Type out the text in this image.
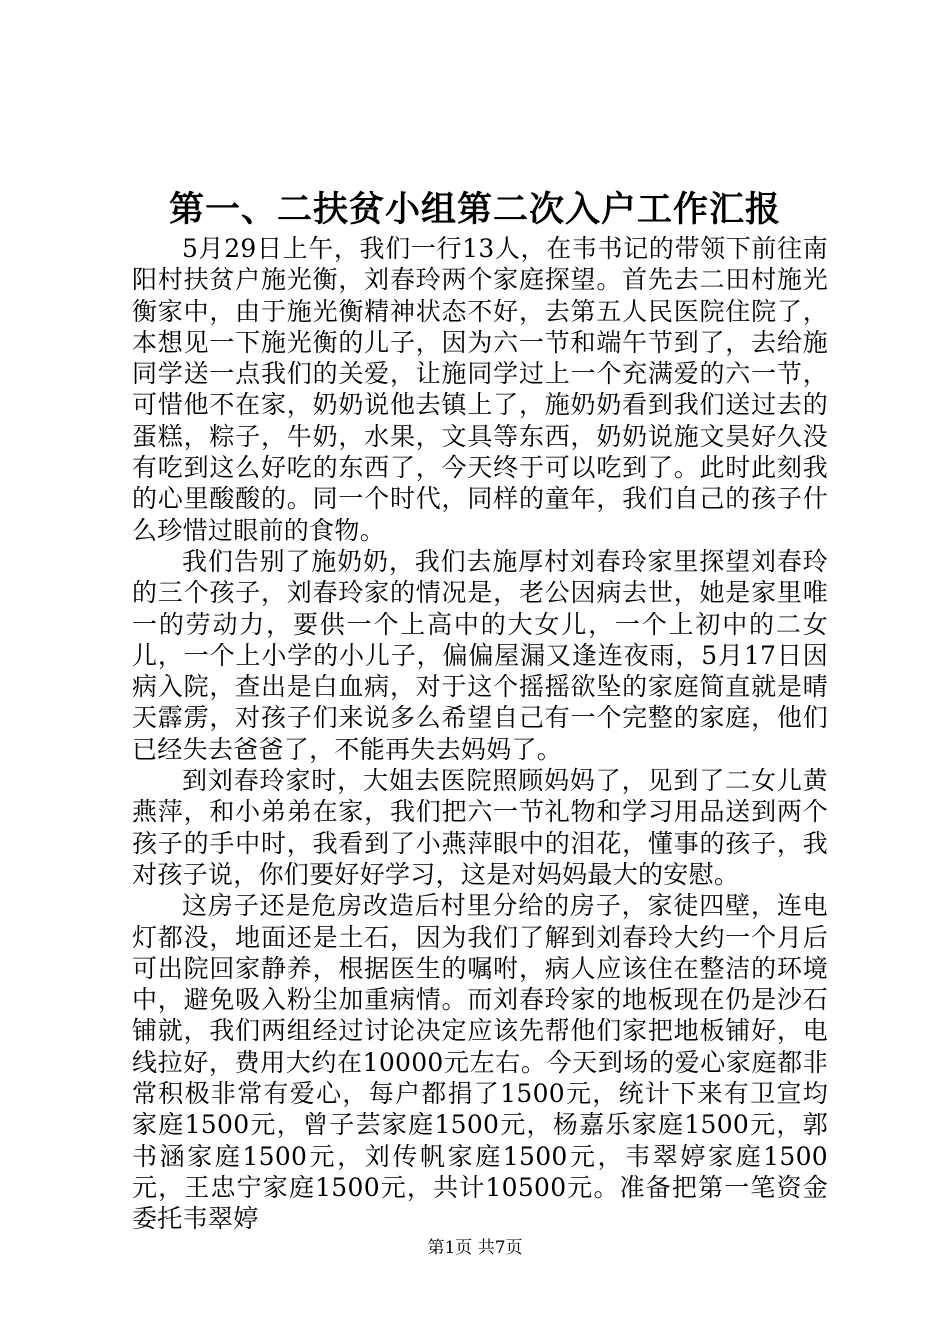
第一、二扶贫小组第二次入户工作汇报

5月29日上午，我们一行13人，在韦书记的带领下前往南阳村扶贫户施光衡，刘春玲两个家庭探望。首先去二田村施光衡家中，由于施光衡精神状态不好，去第五人民医院住院了，本想见一下施光衡的儿子，因为六一节和端午节到了，去给施同学送一点我们的关爱，让施同学过上一个充满爱的六一节，可惜他不在家，奶奶说他去镇上了，施奶奶看到我们送过去的蛋糕，粽子，牛奶，水果，文具等东西，奶奶说施文昊好久没有吃到这么好吃的东西了，今天终于可以吃到了。此时此刻我的心里酸酸的。同一个时代，同样的童年，我们自己的孩子什么珍惜过眼前的食物。

我们告别了施奶奶，我们去施厚村刘春玲家里探望刘春玲的三个孩子，刘春玲家的情况是，老公因病去世，她是家里唯一的劳动力，要供一个上高中的大女儿，一个上初中的二女儿，一个上小学的小儿子，偏偏屋漏又逢连夜雨，5月17日因病入院，查出是白血病，对于这个摇摇欲坠的家庭简直就是晴天霹雳，对孩子们来说多么希望自己有一个完整的家庭，他们已经失去爸爸了，不能再失去妈妈了。

到刘春玲家时，大姐去医院照顾妈妈了，见到了二女儿黄燕萍，和小弟弟在家，我们把六一节礼物和学习用品送到两个孩子的手中时，我看到了小燕萍眼中的泪花，懂事的孩子，我对孩子说，你们要好好学习，这是对妈妈最大的安慰。

这房子还是危房改造后村里分给的房子，家徒四壁，连电灯都没，地面还是土石，因为我们了解到刘春玲大约一个月后可出院回家静养，根据医生的嘱咐，病人应该住在整洁的环境中，避免吸入粉尘加重病情。而刘春玲家的地板现在仍是沙石铺就，我们两组经过讨论决定应该先帮他们家把地板铺好，电线拉好，费用大约在10000元左右。今天到场的爱心家庭都非常积极非常有爱心，每户都捐了1500元，统计下来有卫宣均家庭1500元，曾子芸家庭1500元，杨嘉乐家庭1500元，郭书涵家庭1500元，刘传帆家庭1500元，韦翠婷家庭1500元，王忠宁家庭1500元，共计10500元。准备把第一笔资金委托韦翠婷

第1页 共7页
